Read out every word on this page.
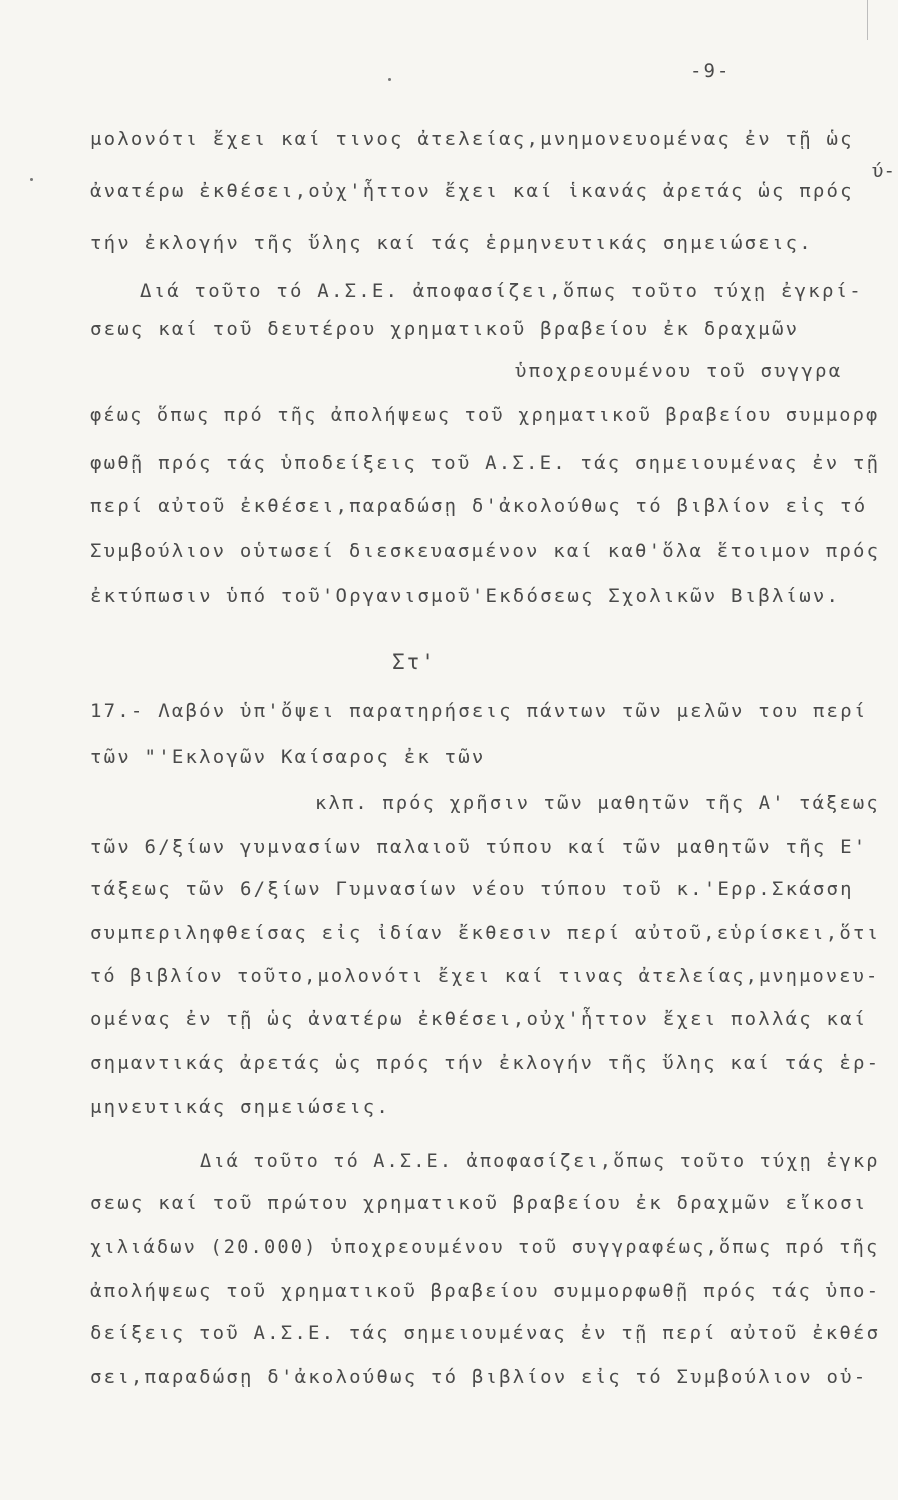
-9-
ύ-
μολονότι ἔχει καί τινος ἀτελείας,μνημονευομένας ἐν τῇ ὡς
ἀνατέρω ἐκθέσει,οὐχ'ἧττον ἔχει καί ἱκανάς ἀρετάς ὡς πρός
τήν ἐκλογήν τῆς ὕλης καί τάς ἑρμηνευτικάς σημειώσεις.
Διά τοῦτο τό Α.Σ.Ε. ἀποφασίζει,ὅπως τοῦτο τύχῃ ἐγκρί-
σεως καί τοῦ δευτέρου χρηματικοῦ βραβείου ἐκ δραχμῶν
ὑποχρεουμένου τοῦ συγγρα
φέως ὅπως πρό τῆς ἀπολήψεως τοῦ χρηματικοῦ βραβείου συμμορφ
φωθῇ πρός τάς ὑποδείξεις τοῦ Α.Σ.Ε. τάς σημειουμένας ἐν τῇ
περί αὐτοῦ ἐκθέσει,παραδώσῃ δ'ἀκολούθως τό βιβλίον εἰς τό
Συμβούλιον οὑτωσεί διεσκευασμένον καί καθ'ὅλα ἕτοιμον πρός
ἐκτύπωσιν ὑπό τοῦ'Οργανισμοῦ'Εκδόσεως Σχολικῶν Βιβλίων.
Στ'
17.- Λαβόν ὑπ'ὄψει παρατηρήσεις πάντων τῶν μελῶν του περί
τῶν "'Εκλογῶν Καίσαρος ἐκ τῶν
κλπ. πρός χρῆσιν τῶν μαθητῶν τῆς Α' τάξεως
τῶν 6/ξίων γυμνασίων παλαιοῦ τύπου καί τῶν μαθητῶν τῆς Ε'
τάξεως τῶν 6/ξίων Γυμνασίων νέου τύπου τοῦ κ.'Ερρ.Σκάσση
συμπεριληφθείσας εἰς ἰδίαν ἔκθεσιν περί αὐτοῦ,εὑρίσκει,ὅτι
τό βιβλίον τοῦτο,μολονότι ἔχει καί τινας ἀτελείας,μνημονευ-
ομένας ἐν τῇ ὡς ἀνατέρω ἐκθέσει,οὐχ'ἧττον ἔχει πολλάς καί
σημαντικάς ἀρετάς ὡς πρός τήν ἐκλογήν τῆς ὕλης καί τάς ἑρ-
μηνευτικάς σημειώσεις.
Διά τοῦτο τό Α.Σ.Ε. ἀποφασίζει,ὅπως τοῦτο τύχῃ ἐγκρ
σεως καί τοῦ πρώτου χρηματικοῦ βραβείου ἐκ δραχμῶν εἴκοσι
χιλιάδων (20.000) ὑποχρεουμένου τοῦ συγγραφέως,ὅπως πρό τῆς
ἀπολήψεως τοῦ χρηματικοῦ βραβείου συμμορφωθῇ πρός τάς ὑπο-
δείξεις τοῦ Α.Σ.Ε. τάς σημειουμένας ἐν τῇ περί αὐτοῦ ἐκθέσ
σει,παραδώσῃ δ'ἀκολούθως τό βιβλίον εἰς τό Συμβούλιον οὑ-
